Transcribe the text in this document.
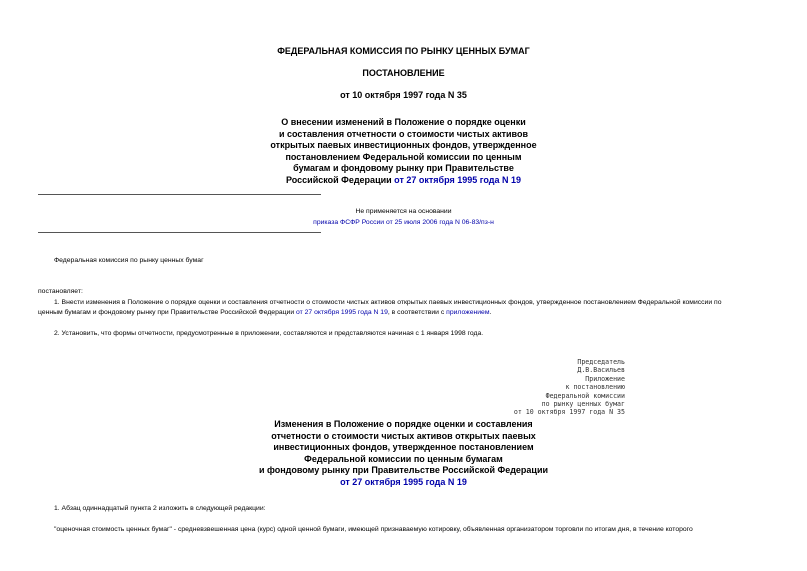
ФЕДЕРАЛЬНАЯ КОМИССИЯ ПО РЫНКУ ЦЕННЫХ БУМАГ
ПОСТАНОВЛЕНИЕ
от 10 октября 1997 года N 35
О внесении изменений в Положение о порядке оценки
и составления отчетности о стоимости чистых активов
открытых паевых инвестиционных фондов, утвержденное
постановлением Федеральной комиссии по ценным
бумагам и фондовому рынку при Правительстве
Российской Федерации от 27 октября 1995 года N 19
Не применяется на основании
приказа ФСФР России от 25 июля 2006 года N 06-83/пз-н

Федеральная комиссия по рынку ценных бумаг

постановляет:

1. Внести изменения в Положение о порядке оценки и составления отчетности о стоимости чистых активов открытых паевых инвестиционных фондов, утвержденное постановлением Федеральной комиссии по

ценным бумагам и фондовому рынку при Правительстве Российской Федерации от 27 октября 1995 года N 19, в соответствии с приложением.

2. Установить, что формы отчетности, предусмотренные в приложении, составляются и представляются начиная с 1 января 1998 года.

Председатель
Д.В.Васильев
Приложение
к постановлению
Федеральной комиссии
по рынку ценных бумаг
от 10 октября 1997 года N 35
Изменения в Положение о порядке оценки и составления
отчетности о стоимости чистых активов открытых паевых
инвестиционных фондов, утвержденное постановлением
Федеральной комиссии по ценным бумагам
и фондовому рынку при Правительстве Российской Федерации
от 27 октября 1995 года N 19

1. Абзац одиннадцатый пункта 2 изложить в следующей редакции:

"оценочная стоимость ценных бумаг" - средневзвешенная цена (курс) одной ценной бумаги, имеющей признаваемую котировку, объявленная организатором торговли по итогам дня, в течение которого
